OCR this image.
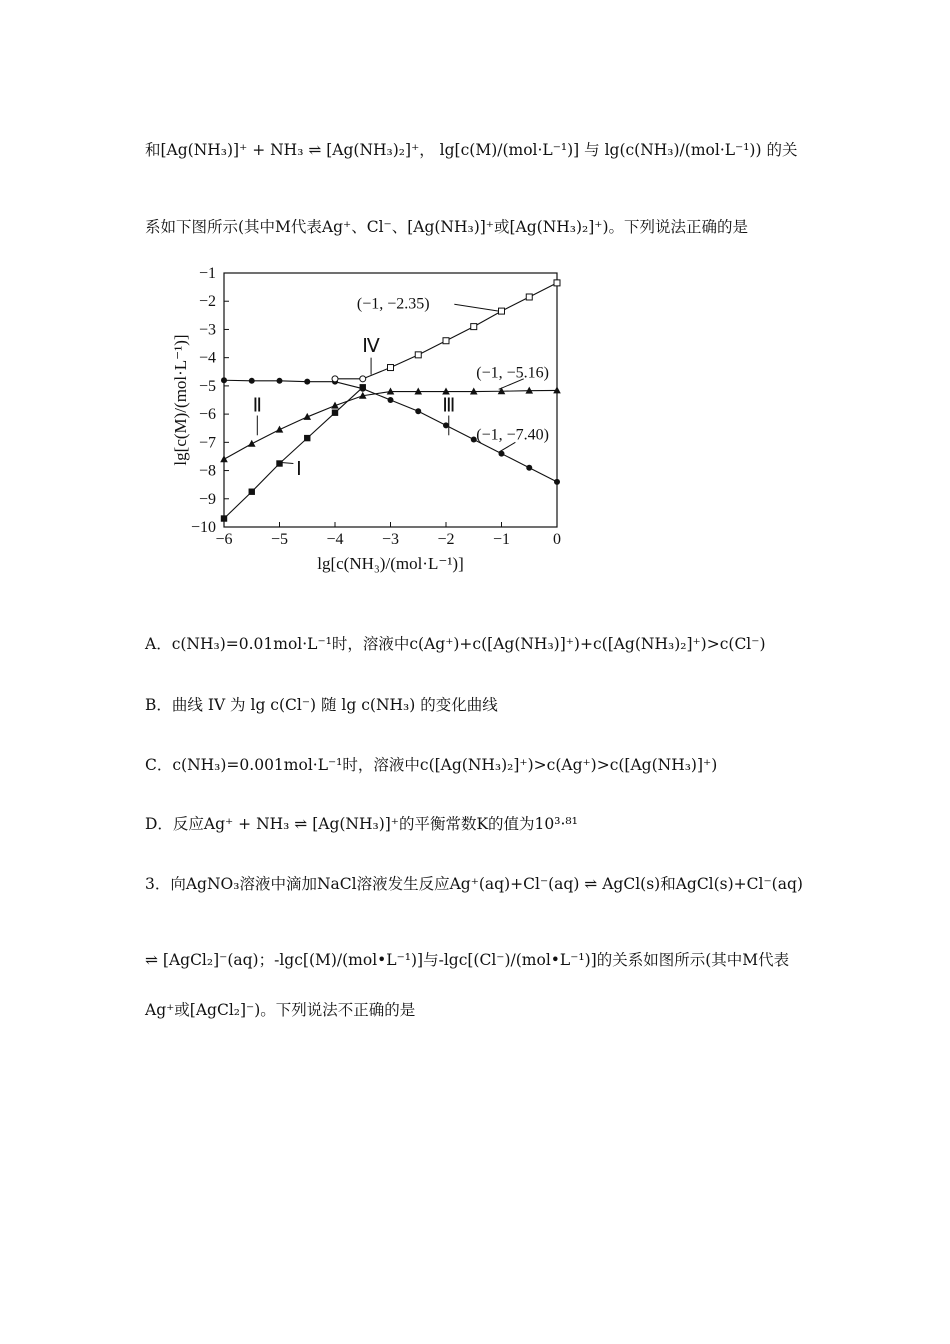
和[Ag(NH₃)]⁺ + NH₃ ⇌ [Ag(NH₃)₂]⁺， lg[c(M)/(mol·L⁻¹)] 与 lg(c(NH₃)/(mol·L⁻¹)) 的关
系如下图所示(其中M代表Ag⁺、Cl⁻、[Ag(NH₃)]⁺或[Ag(NH₃)₂]⁺)。下列说法正确的是
−6 −5 −4 −3 −2 −1	0
−1
−2
−3
−4
−5
−6
−7
−8
−9
−10
lg[c(NH₃)/(mol·L⁻¹)]
lg[c(M)/(mol·L⁻¹)]
(−1, −2.35)
(−1, −5.16)
(−1, −7.40)
Ⅰ
Ⅱ	Ⅲ
Ⅳ
A．c(NH₃)=0.01mol·L⁻¹时，溶液中c(Ag⁺)+c([Ag(NH₃)]⁺)+c([Ag(NH₃)₂]⁺)>c(Cl⁻)
B．曲线 IV 为 lg c(Cl⁻) 随 lg c(NH₃) 的变化曲线
C．c(NH₃)=0.001mol·L⁻¹时，溶液中c([Ag(NH₃)₂]⁺)>c(Ag⁺)>c([Ag(NH₃)]⁺)
D．反应Ag⁺ + NH₃ ⇌ [Ag(NH₃)]⁺的平衡常数K的值为10³·⁸¹
3．向AgNO₃溶液中滴加NaCl溶液发生反应Ag⁺(aq)+Cl⁻(aq) ⇌ AgCl(s)和AgCl(s)+Cl⁻(aq)
⇌ [AgCl₂]⁻(aq)；-lgc[(M)/(mol•L⁻¹)]与-lgc[(Cl⁻)/(mol•L⁻¹)]的关系如图所示(其中M代表
Ag⁺或[AgCl₂]⁻)。下列说法不正确的是
